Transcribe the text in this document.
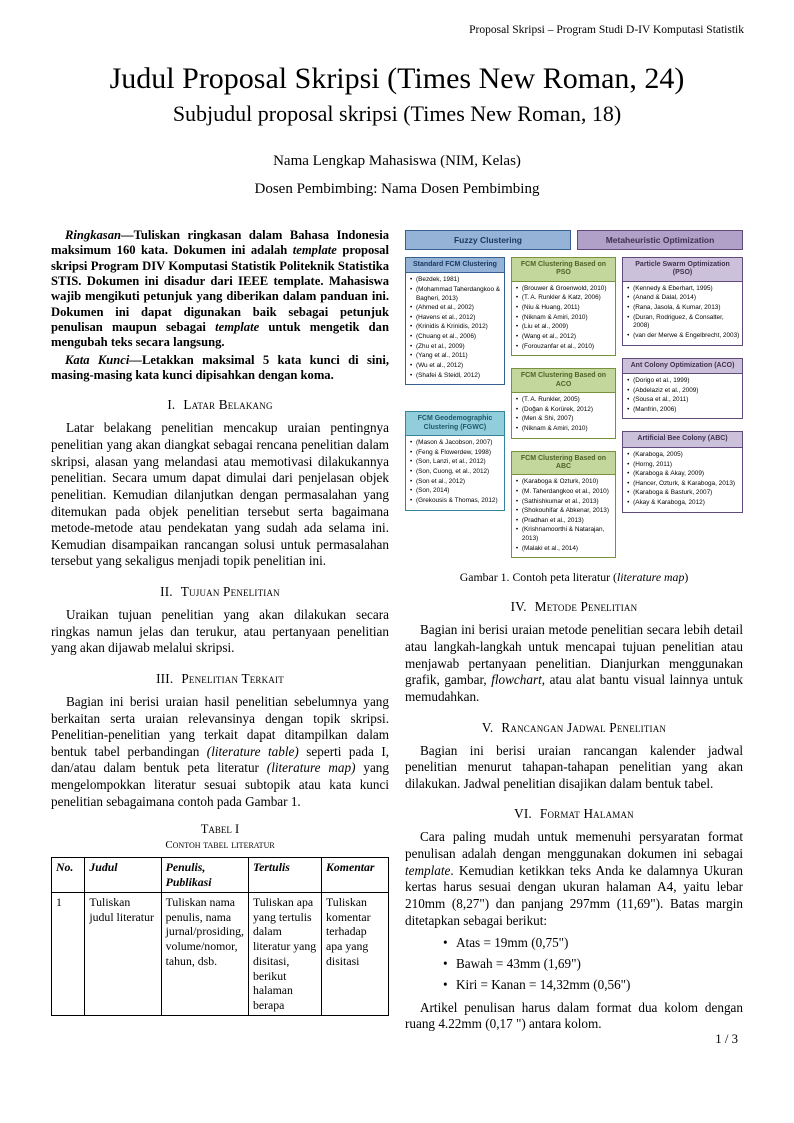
Proposal Skripsi – Program Studi D-IV Komputasi Statistik
Judul Proposal Skripsi (Times New Roman, 24)
Subjudul proposal skripsi (Times New Roman, 18)
Nama Lengkap Mahasiswa (NIM, Kelas)
Dosen Pembimbing: Nama Dosen Pembimbing

Ringkasan—Tuliskan ringkasan dalam Bahasa Indonesia maksimum 160 kata. Dokumen ini adalah template proposal skripsi Program DIV Komputasi Statistik Politeknik Statistika STIS. Dokumen ini disadur dari IEEE template. Mahasiswa wajib mengikuti petunjuk yang diberikan dalam panduan ini. Dokumen ini dapat digunakan baik sebagai petunjuk penulisan maupun sebagai template untuk mengetik dan mengubah teks secara langsung.

Kata Kunci—Letakkan maksimal 5 kata kunci di sini, masing-masing kata kunci dipisahkan dengan koma.

I. Latar Belakang

Latar belakang penelitian mencakup uraian pentingnya penelitian yang akan diangkat sebagai rencana penelitian dalam skripsi, alasan yang melandasi atau memotivasi dilakukannya penelitian. Secara umum dapat dimulai dari penjelasan objek penelitian. Kemudian dilanjutkan dengan permasalahan yang ditemukan pada objek penelitian tersebut serta bagaimana metode-metode atau pendekatan yang sudah ada selama ini. Kemudian disampaikan rancangan solusi untuk permasalahan tersebut yang sekaligus menjadi topik penelitian ini.

II. Tujuan Penelitian

Uraikan tujuan penelitian yang akan dilakukan secara ringkas namun jelas dan terukur, atau pertanyaan penelitian yang akan dijawab melalui skripsi.

III. Penelitian Terkait

Bagian ini berisi uraian hasil penelitian sebelumnya yang berkaitan serta uraian relevansinya dengan topik skripsi. Penelitian-penelitian yang terkait dapat ditampilkan dalam bentuk tabel perbandingan (literature table) seperti pada I, dan/atau dalam bentuk peta literatur (literature map) yang mengelompokkan literatur sesuai subtopik atau kata kunci penelitian sebagaimana contoh pada Gambar 1.

Tabel I
Contoh tabel literatur
No.	Judul	Penulis, Publikasi	Tertulis	Komentar
1	Tuliskan judul literatur	Tuliskan nama penulis, nama jurnal/prosiding, volume/nomor, tahun, dsb.	Tuliskan apa yang tertulis dalam literatur yang disitasi, berikut halaman berapa	Tuliskan komentar terhadap apa yang disitasi
Fuzzy Clustering	Metaheuristic Optimization
Standard FCM Clustering
• (Bezdek, 1981)
• (Mohammad Taherdangkoo & Bagheri, 2013)
• (Ahmed et al., 2002)
• (Havens et al., 2012)
• (Krinidis & Krinidis, 2012)
• (Chuang et al., 2006)
• (Zhu et al., 2009)
• (Yang et al., 2011)
• (Wu et al., 2012)
• (Shafei & Steidl, 2012)
FCM Geodemographic Clustering (FGWC)
• (Mason & Jacobson, 2007)
• (Feng & Flowerdew, 1998)
• (Son, Lanzi, et al., 2012)
• (Son, Cuong, et al., 2012)
• (Son et al., 2012)
• (Son, 2014)
• (Grekousis & Thomas, 2012)
FCM Clustering Based on PSO
• (Brouwer & Groenwold, 2010)
• (T. A. Runkler & Katz, 2006)
• (Niu & Huang, 2011)
• (Niknam & Amiri, 2010)
• (Liu et al., 2009)
• (Wang et al., 2012)
• (Forouzanfar et al., 2010)
FCM Clustering Based on ACO
• (T. A. Runkler, 2005)
• (Doğan & Korürek, 2012)
• (Men & Shi, 2007)
• (Niknam & Amiri, 2010)
FCM Clustering Based on ABC
• (Karaboga & Ozturk, 2010)
• (M. Taherdangkoo et al., 2010)
• (Sathishkumar et al., 2013)
• (Shokouhifar & Abkenar, 2013)
• (Pradhan et al., 2013)
• (Krishnamoorthi & Natarajan, 2013)
• (Malaki et al., 2014)
Particle Swarm Optimization (PSO)
• (Kennedy & Eberhart, 1995)
• (Anand & Dalal, 2014)
• (Rana, Jasola, & Kumar, 2013)
• (Duran, Rodriguez, & Consalter, 2008)
• (van der Merwe & Engelbrecht, 2003)
Ant Colony Optimization (ACO)
• (Dorigo et al., 1999)
• (Abdelaziz et al., 2009)
• (Sousa et al., 2011)
• (Manfrin, 2006)
Artificial Bee Colony (ABC)
• (Karaboga, 2005)
• (Horng, 2011)
• (Karaboga & Akay, 2009)
• (Hancer, Ozturk, & Karaboga, 2013)
• (Karaboga & Basturk, 2007)
• (Akay & Karaboga, 2012)
Gambar 1. Contoh peta literatur (literature map)
IV. Metode Penelitian

Bagian ini berisi uraian metode penelitian secara lebih detail atau langkah-langkah untuk mencapai tujuan penelitian atau menjawab pertanyaan penelitian. Dianjurkan menggunakan grafik, gambar, flowchart, atau alat bantu visual lainnya untuk memudahkan.

V. Rancangan Jadwal Penelitian

Bagian ini berisi uraian rancangan kalender jadwal penelitian menurut tahapan-tahapan penelitian yang akan dilakukan. Jadwal penelitian disajikan dalam bentuk tabel.

VI. Format Halaman

Cara paling mudah untuk memenuhi persyaratan format penulisan adalah dengan menggunakan dokumen ini sebagai template. Kemudian ketikkan teks Anda ke dalamnya Ukuran kertas harus sesuai dengan ukuran halaman A4, yaitu lebar 210mm (8,27") dan panjang 297mm (11,69"). Batas margin ditetapkan sebagai berikut:

• Atas = 19mm (0,75")
• Bawah = 43mm (1,69")
• Kiri = Kanan = 14,32mm (0,56")

Artikel penulisan harus dalam format dua kolom dengan ruang 4.22mm (0,17 ") antara kolom.

1 / 3
